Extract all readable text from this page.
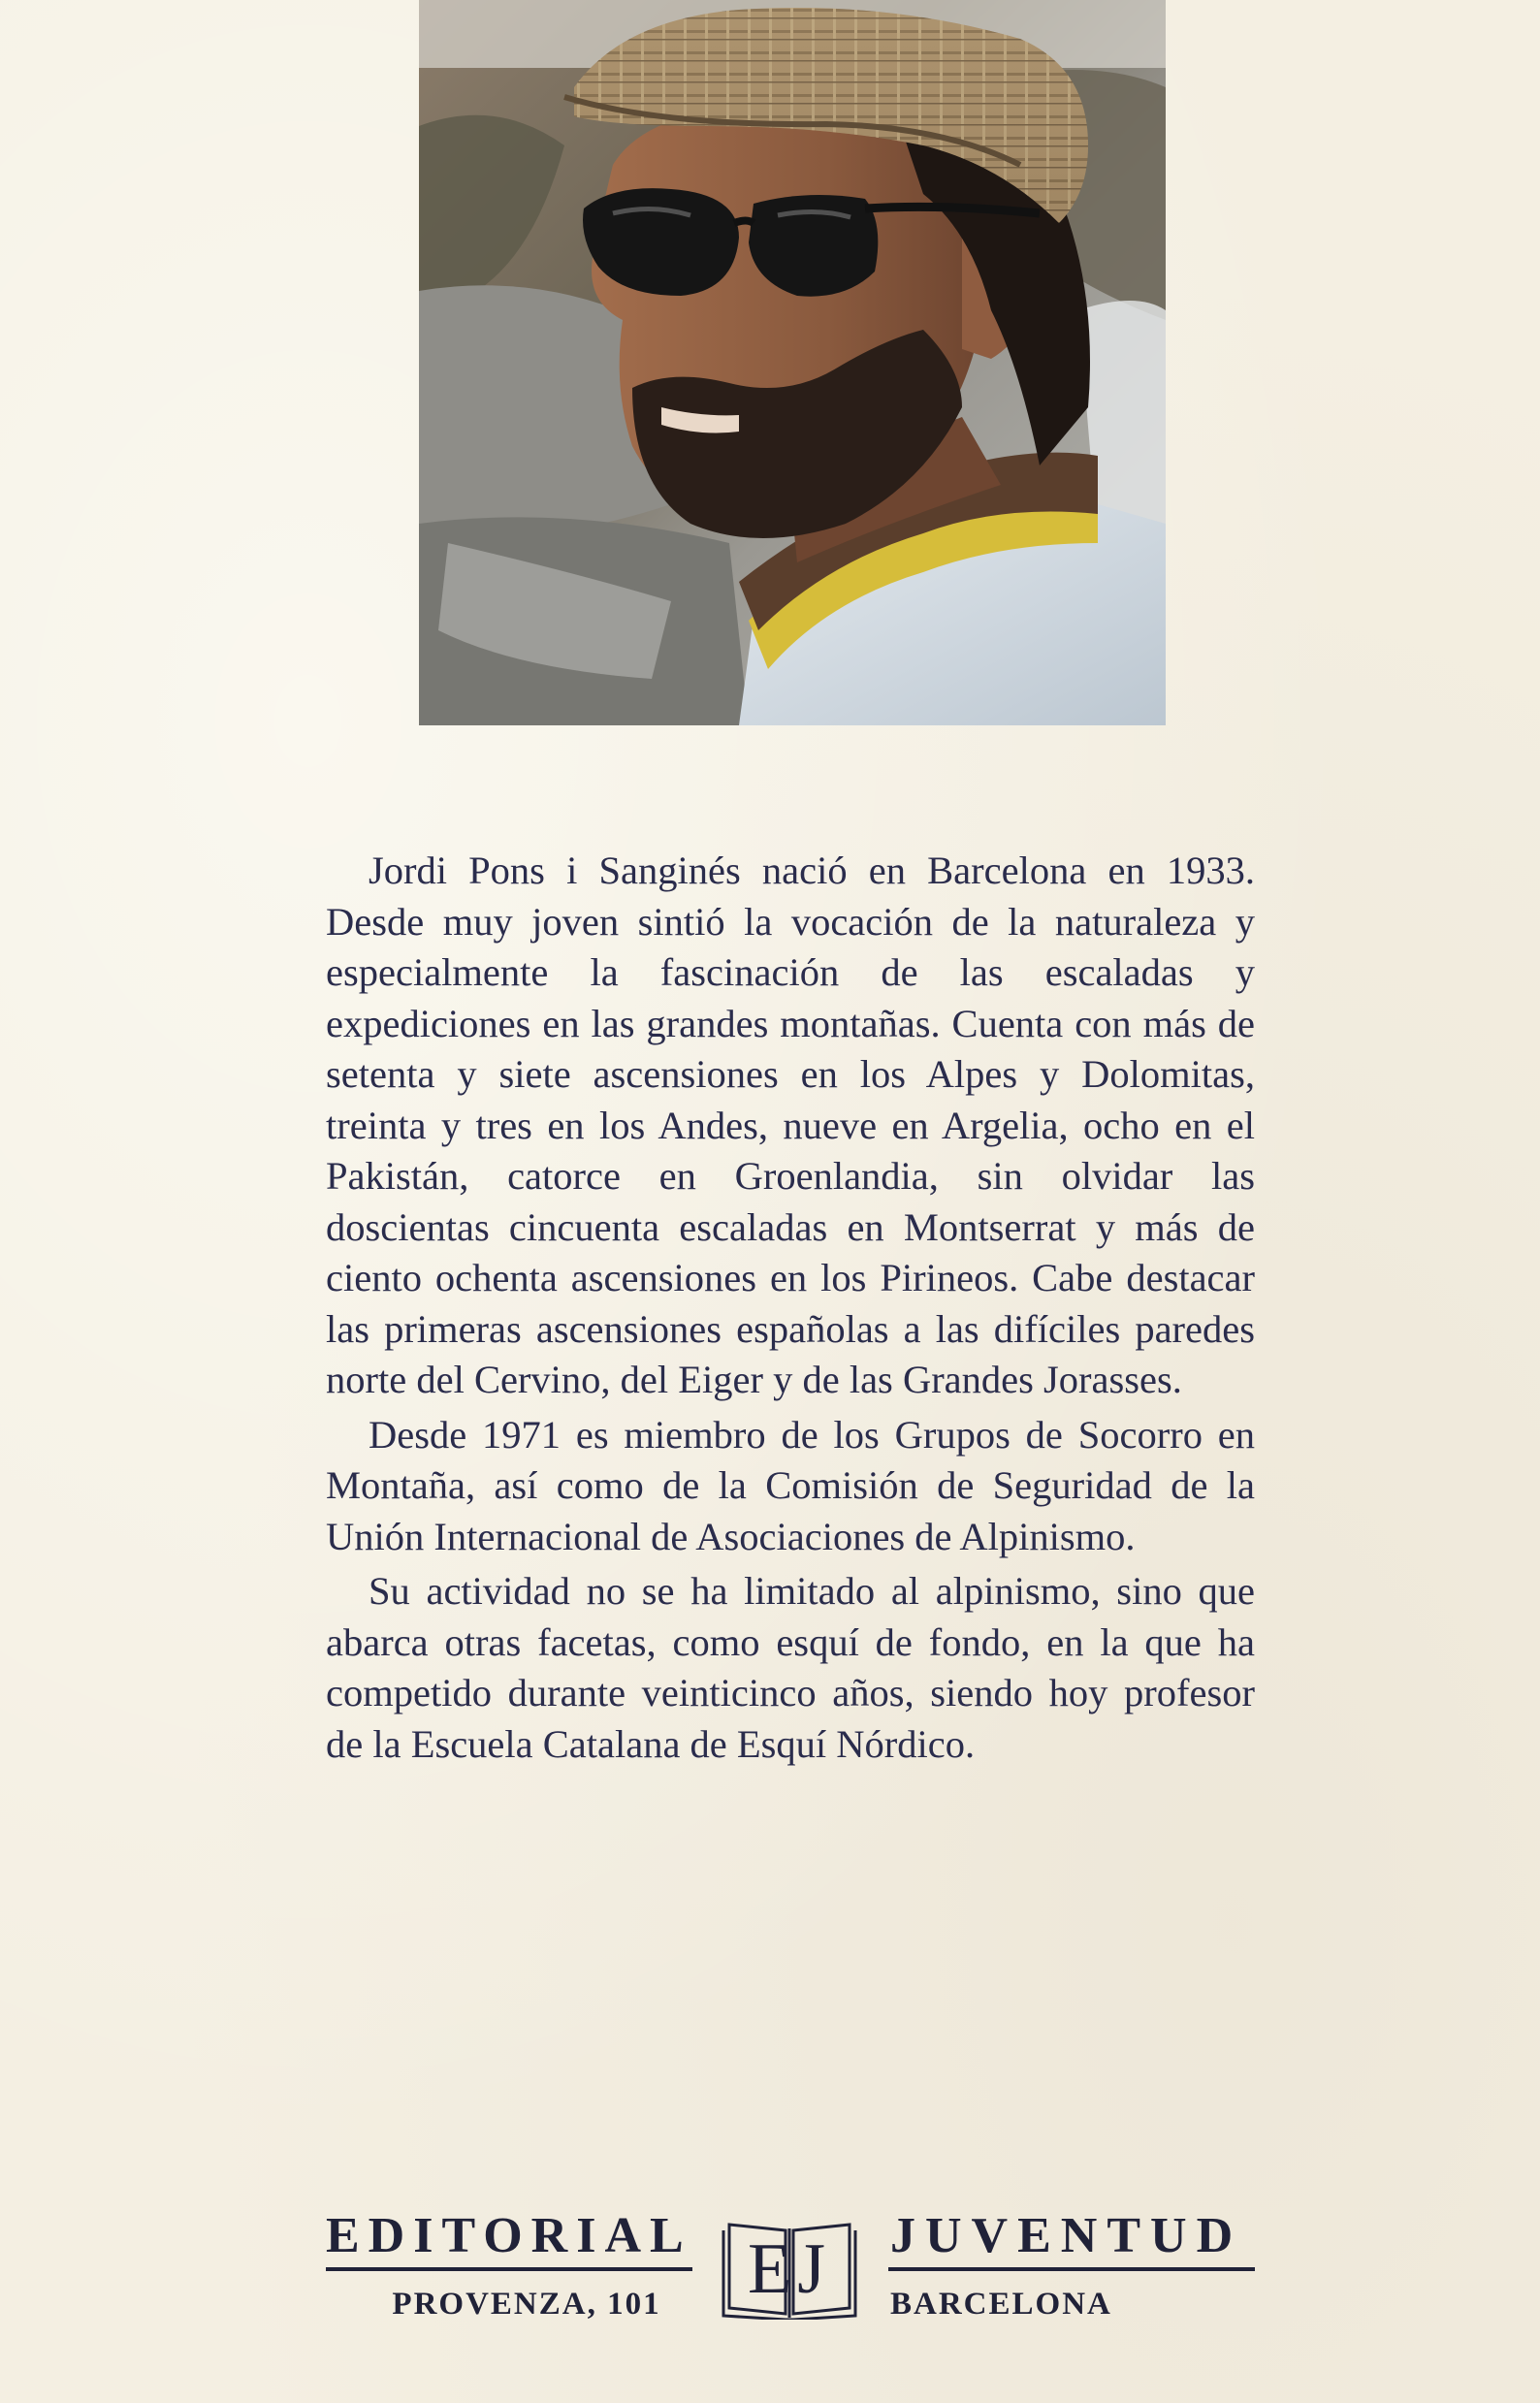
Jordi Pons i Sanginés nació en Barcelona en 1933. Desde muy joven sintió la vocación de la naturaleza y especialmente la fascinación de las escaladas y expediciones en las grandes montañas. Cuenta con más de setenta y siete ascensiones en los Alpes y Dolomitas, treinta y tres en los Andes, nueve en Argelia, ocho en el Pakistán, catorce en Groenlandia, sin olvidar las doscientas cincuenta escaladas en Montserrat y más de ciento ochenta ascensiones en los Pirineos. Cabe destacar las primeras ascensiones españolas a las difíciles paredes norte del Cervino, del Eiger y de las Grandes Jorasses.

Desde 1971 es miembro de los Grupos de Socorro en Montaña, así como de la Comisión de Seguridad de la Unión Internacional de Asociaciones de Alpinismo.

Su actividad no se ha limitado al alpinismo, sino que abarca otras facetas, como esquí de fondo, en la que ha competido durante veinticinco años, siendo hoy profesor de la Escuela Catalana de Esquí Nórdico.

EDITORIAL
PROVENZA, 101	EJ	JUVENTUD
BARCELONA
